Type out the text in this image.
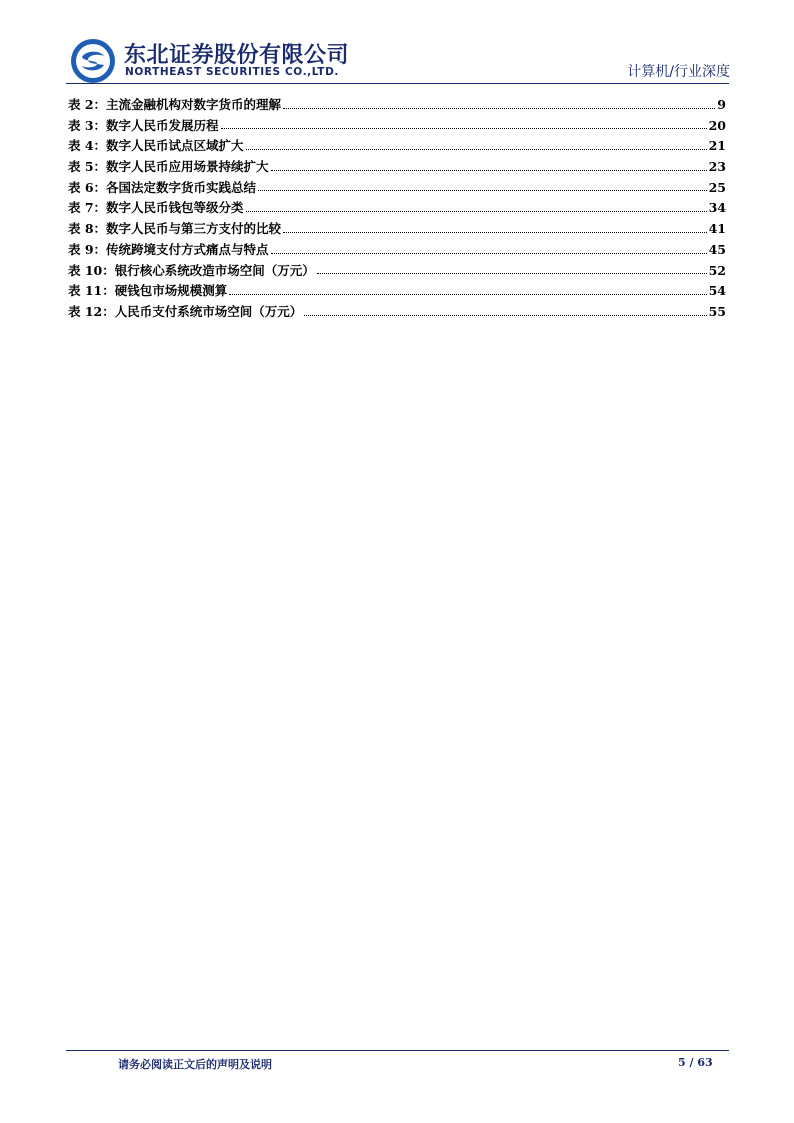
东北证券股份有限公司
NORTHEAST SECURITIES CO.,LTD.	计算机/行业深度
表 2：主流金融机构对数字货币的理解	9
表 3：数字人民币发展历程	20
表 4：数字人民币试点区域扩大	21
表 5：数字人民币应用场景持续扩大	23
表 6：各国法定数字货币实践总结	25
表 7：数字人民币钱包等级分类	34
表 8：数字人民币与第三方支付的比较	41
表 9：传统跨境支付方式痛点与特点	45
表 10：银行核心系统改造市场空间（万元）	52
表 11：硬钱包市场规模测算	54
表 12：人民币支付系统市场空间（万元）	55
请务必阅读正文后的声明及说明	5 / 63
